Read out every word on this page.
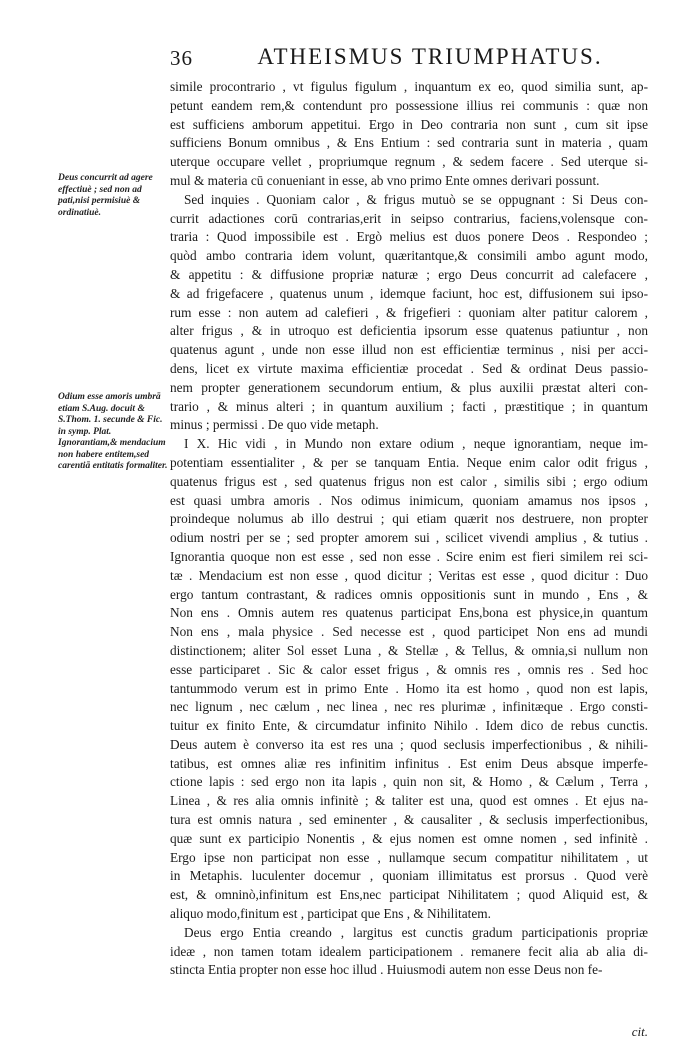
36	ATHEISMUS TRIUMPHATUS.
Deus concurrit ad agere effectiuè ; sed non ad pati,nisi permisiuè & ordinatiuè.
Odium esse amoris umbrā etiam S.Aug. docuit & S.Thom. 1. secunde & Fic. in symp. Plat. Ignorantiam,& mendacium non habere entitem,sed carentiā entitatis formaliter.
simile procontrario , vt figulus figulum , inquantum ex eo, quod similia sunt, ap-
petunt eandem rem,& contendunt pro possessione illius rei communis : quæ non
est sufficiens amborum appetitui. Ergo in Deo contraria non sunt , cum sit ipse
sufficiens Bonum omnibus , & Ens Entium : sed contraria sunt in materia , quam
uterque occupare vellet , propriumque regnum , & sedem facere . Sed uterque si-
mul & materia cū conueniant in esse, ab vno primo Ente omnes derivari possunt.
Sed inquies . Quoniam calor , & frigus mutuò se se oppugnant : Si Deus con-
currit adactiones corū contrarias,erit in seipso contrarius, faciens,volensque con-
traria : Quod impossibile est . Ergò melius est duos ponere Deos . Respondeo ;
quòd ambo contraria idem volunt, quæritantque,& consimili ambo agunt modo,
& appetitu : & diffusione propriæ naturæ ; ergo Deus concurrit ad calefacere ,
& ad frigefacere , quatenus unum , idemque faciunt, hoc est, diffusionem sui ipso-
rum esse : non autem ad calefieri , & frigefieri : quoniam alter patitur calorem ,
alter frigus , & in utroquo est deficientia ipsorum esse quatenus patiuntur , non
quatenus agunt , unde non esse illud non est efficientiæ terminus , nisi per acci-
dens, licet ex virtute maxima efficientiæ procedat . Sed & ordinat Deus passio-
nem propter generationem secundorum entium, & plus auxilii præstat alteri con-
trario , & minus alteri ; in quantum auxilium ; facti , præstitique ; in quantum
minus ; permissi . De quo vide metaph.
I X. Hic vidi , in Mundo non extare odium , neque ignorantiam, neque im-
potentiam essentialiter , & per se tanquam Entia. Neque enim calor odit frigus ,
quatenus frigus est , sed quatenus frigus non est calor , similis sibi ; ergo odium
est quasi umbra amoris . Nos odimus inimicum, quoniam amamus nos ipsos ,
proindeque nolumus ab illo destrui ; qui etiam quærit nos destruere, non propter
odium nostri per se ; sed propter amorem sui , scilicet vivendi amplius , & tutius .
Ignorantia quoque non est esse , sed non esse . Scire enim est fieri similem rei sci-
tæ . Mendacium est non esse , quod dicitur ; Veritas est esse , quod dicitur : Duo
ergo tantum contrastant, & radices omnis oppositionis sunt in mundo , Ens , &
Non ens . Omnis autem res quatenus participat Ens,bona est physice,in quantum
Non ens , mala physice . Sed necesse est , quod participet Non ens ad mundi
distinctionem; aliter Sol esset Luna , & Stellæ , & Tellus, & omnia,si nullum non
esse participaret . Sic & calor esset frigus , & omnis res , omnis res . Sed hoc
tantummodo verum est in primo Ente . Homo ita est homo , quod non est lapis,
nec lignum , nec cælum , nec linea , nec res plurimæ , infinitæque . Ergo consti-
tuitur ex finito Ente, & circumdatur infinito Nihilo . Idem dico de rebus cunctis.
Deus autem è converso ita est res una ; quod seclusis imperfectionibus , & nihili-
tatibus, est omnes aliæ res infinitim infinitus . Est enim Deus absque imperfe-
ctione lapis : sed ergo non ita lapis , quin non sit, & Homo , & Cælum , Terra ,
Linea , & res alia omnis infinitè ; & taliter est una, quod est omnes . Et ejus na-
tura est omnis natura , sed eminenter , & causaliter , & seclusis imperfectionibus,
quæ sunt ex participio Nonentis , & ejus nomen est omne nomen , sed infinitè .
Ergo ipse non participat non esse , nullamque secum compatitur nihilitatem , ut
in Metaphis. luculenter docemur , quoniam illimitatus est prorsus . Quod verè
est, & omninò,infinitum est Ens,nec participat Nihilitatem ; quod Aliquid est, &
aliquo modo,finitum est , participat que Ens , & Nihilitatem.
Deus ergo Entia creando , largitus est cunctis gradum participationis propriæ
ideæ , non tamen totam idealem participationem . remanere fecit alia ab alia di-
stincta Entia propter non esse hoc illud . Huiusmodi autem non esse Deus non fe-
cit.
